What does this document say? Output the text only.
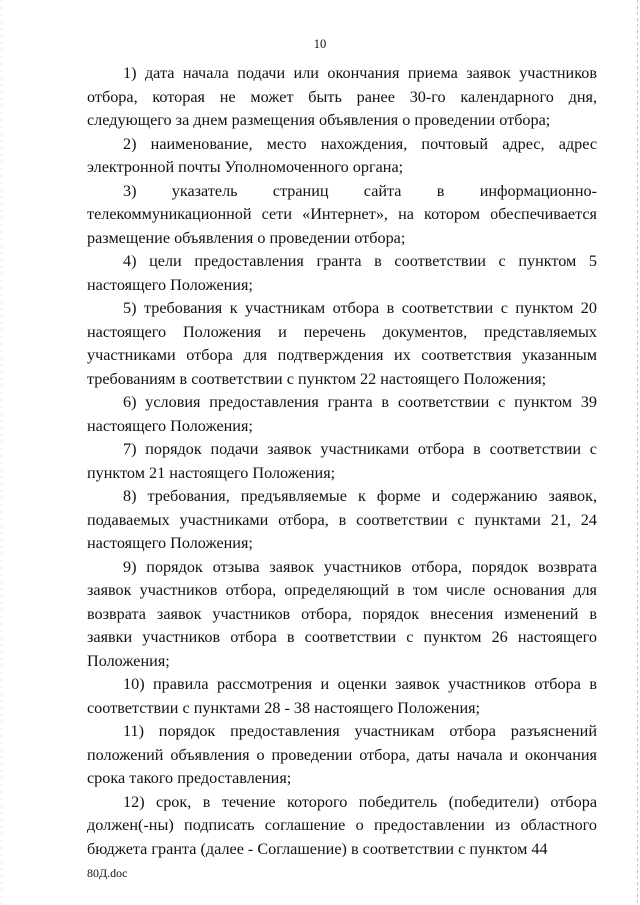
10

1) дата начала подачи или окончания приема заявок участников отбора, которая не может быть ранее 30-го календарного дня, следующего за днем размещения объявления о проведении отбора;

2) наименование, место нахождения, почтовый адрес, адрес электронной почты Уполномоченного органа;

3) указатель страниц сайта в информационно-телекоммуникационной сети «Интернет», на котором обеспечивается размещение объявления о проведении отбора;

4) цели предоставления гранта в соответствии с пунктом 5 настоящего Положения;

5) требования к участникам отбора в соответствии с пунктом 20 настоящего Положения и перечень документов, представляемых участниками отбора для подтверждения их соответствия указанным требованиям в соответствии с пунктом 22 настоящего Положения;

6) условия предоставления гранта в соответствии с пунктом 39 настоящего Положения;

7) порядок подачи заявок участниками отбора в соответствии с пунктом 21 настоящего Положения;

8) требования, предъявляемые к форме и содержанию заявок, подаваемых участниками отбора, в соответствии с пунктами 21, 24 настоящего Положения;

9) порядок отзыва заявок участников отбора, порядок возврата заявок участников отбора, определяющий в том числе основания для возврата заявок участников отбора, порядок внесения изменений в заявки участников отбора в соответствии с пунктом 26 настоящего Положения;

10) правила рассмотрения и оценки заявок участников отбора в соответствии с пунктами 28 - 38 настоящего Положения;

11) порядок предоставления участникам отбора разъяснений положений объявления о проведении отбора, даты начала и окончания срока такого предоставления;

12) срок, в течение которого победитель (победители) отбора должен(-ны) подписать соглашение о предоставлении из областного бюджета гранта (далее - Соглашение) в соответствии с пунктом 44

80Д.doc
